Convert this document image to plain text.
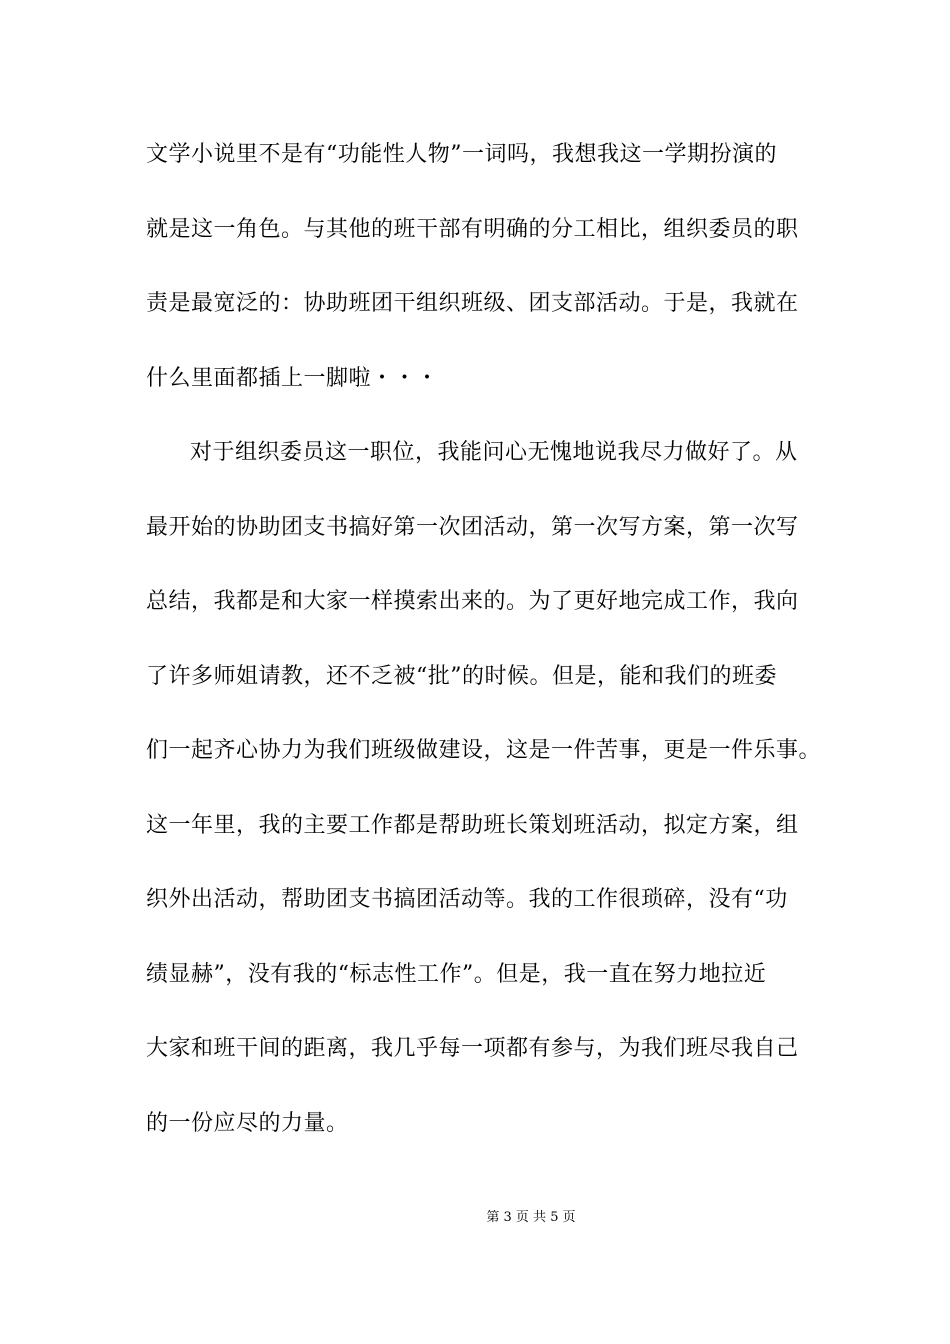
文学小说里不是有“功能性人物”一词吗，我想我这一学期扮演的
就是这一角色。与其他的班干部有明确的分工相比，组织委员的职
责是最宽泛的：协助班团干组织班级、团支部活动。于是，我就在
什么里面都插上一脚啦・・・
对于组织委员这一职位，我能问心无愧地说我尽力做好了。从
最开始的协助团支书搞好第一次团活动，第一次写方案，第一次写
总结，我都是和大家一样摸索出来的。为了更好地完成工作，我向
了许多师姐请教，还不乏被“批”的时候。但是，能和我们的班委
们一起齐心协力为我们班级做建设，这是一件苦事，更是一件乐事。
这一年里，我的主要工作都是帮助班长策划班活动，拟定方案，组
织外出活动，帮助团支书搞团活动等。我的工作很琐碎，没有“功
绩显赫”，没有我的“标志性工作”。但是，我一直在努力地拉近
大家和班干间的距离，我几乎每一项都有参与，为我们班尽我自己
的一份应尽的力量。
第 3 页 共 5 页
